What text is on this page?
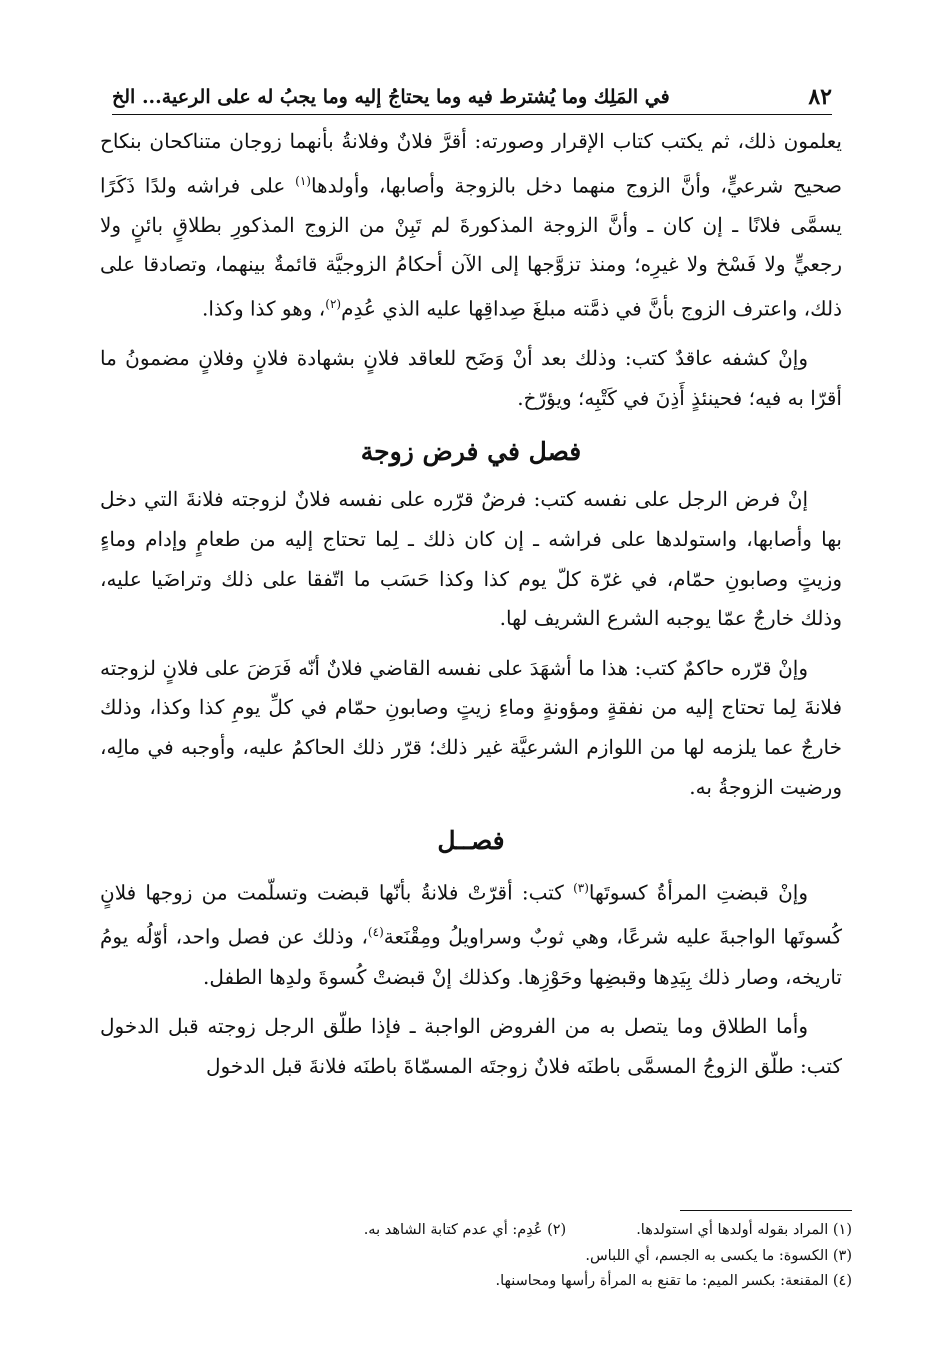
٨٢
في المَلِك وما يُشترط فيه وما يحتاجُ إليه وما يجبُ له على الرعية... الخ

يعلمون ذلك، ثم يكتب كتاب الإقرار وصورته: أقرَّ فلانٌ وفلانةُ بأنهما زوجان متناكحان بنكاح صحيح شرعيٍّ، وأنَّ الزوج منهما دخل بالزوجة وأصابها، وأولدها$^{(١)}$ على فراشه ولدًا ذَكَرًا يسمَّى فلانًا ـ إن كان ـ وأنَّ الزوجة المذكورةَ لم تَبِنْ من الزوج المذكورِ بطلاقٍ بائنٍ ولا رجعيٍّ ولا فَسْخ ولا غيرِه؛ ومنذ تزوَّجها إلى الآن أحكامُ الزوجيَّة قائمةٌ بينهما، وتصادقا على ذلك، واعترف الزوج بأنَّ في ذمَّته مبلغَ صِداقِها عليه الذي عُدِم$^{(٢)}$، وهو كذا وكذا.

وإنْ كشفه عاقدٌ كتب: وذلك بعد أنْ وَضَح للعاقد فلانٍ بشهادة فلانٍ وفلانٍ مضمونُ ما أقرّا به فيه؛ فحينئذٍ أَذِنَ في كَتْبِه؛ ويؤرّخ.

فصل في فرض زوجة

إنْ فرض الرجل على نفسه كتب: فرضٌ قرّره على نفسه فلانٌ لزوجته فلانةَ التي دخل بها وأصابها، واستولدها على فراشه ـ إن كان ذلك ـ لِما تحتاج إليه من طعامٍ وإدام وماءٍ وزيتٍ وصابونِ حمّام، في غرّة كلّ يوم كذا وكذا حَسَب ما اتّفقا على ذلك وتراضَيا عليه، وذلك خارجٌ عمّا يوجبه الشرع الشريف لها.

وإنْ قرّره حاكمٌ كتب: هذا ما أشهَدَ على نفسه القاضي فلانٌ أنّه فَرَضَ على فلانٍ لزوجته فلانةَ لِما تحتاج إليه من نفقةٍ ومؤونةٍ وماءِ زيتٍ وصابونِ حمّام في كلِّ يومِ كذا وكذا، وذلك خارجٌ عما يلزمه لها من اللوازم الشرعيَّة غير ذلك؛ قرّر ذلك الحاكمُ عليه، وأوجبه في مالِه، ورضيت الزوجةُ به.

فصــل

وإنْ قبضتِ المرأةُ كسوتَها$^{(٣)}$ كتب: أقرّتْ فلانةُ بأنّها قبضت وتسلّمت من زوجها فلانٍ كُسوتَها الواجبةَ عليه شرعًا، وهي ثوبٌ وسراويلُ ومِقْنَعة$^{(٤)}$، وذلك عن فصل واحد، أوّلُه يومُ تاريخه، وصار ذلك بِيَدِها وقبضِها وحَوْزِها. وكذلك إنْ قبضتْ كُسوةَ ولدِها الطفل.

وأما الطلاق وما يتصل به من الفروض الواجبة ـ فإذا طلّق الرجل زوجته قبل الدخول كتب: طلّق الزوجُ المسمَّى باطنَه فلانٌ زوجتَه المسمّاةَ باطنَه فلانةَ قبل الدخول

(١) المراد بقوله أولدها أي استولدها.
(٢) عُدِم: أي عدم كتابة الشاهد به.
(٣) الكسوة: ما يكسى به الجسم، أي اللباس.
(٤) المقنعة: بكسر الميم: ما تقنع به المرأة رأسها ومحاسنها.
